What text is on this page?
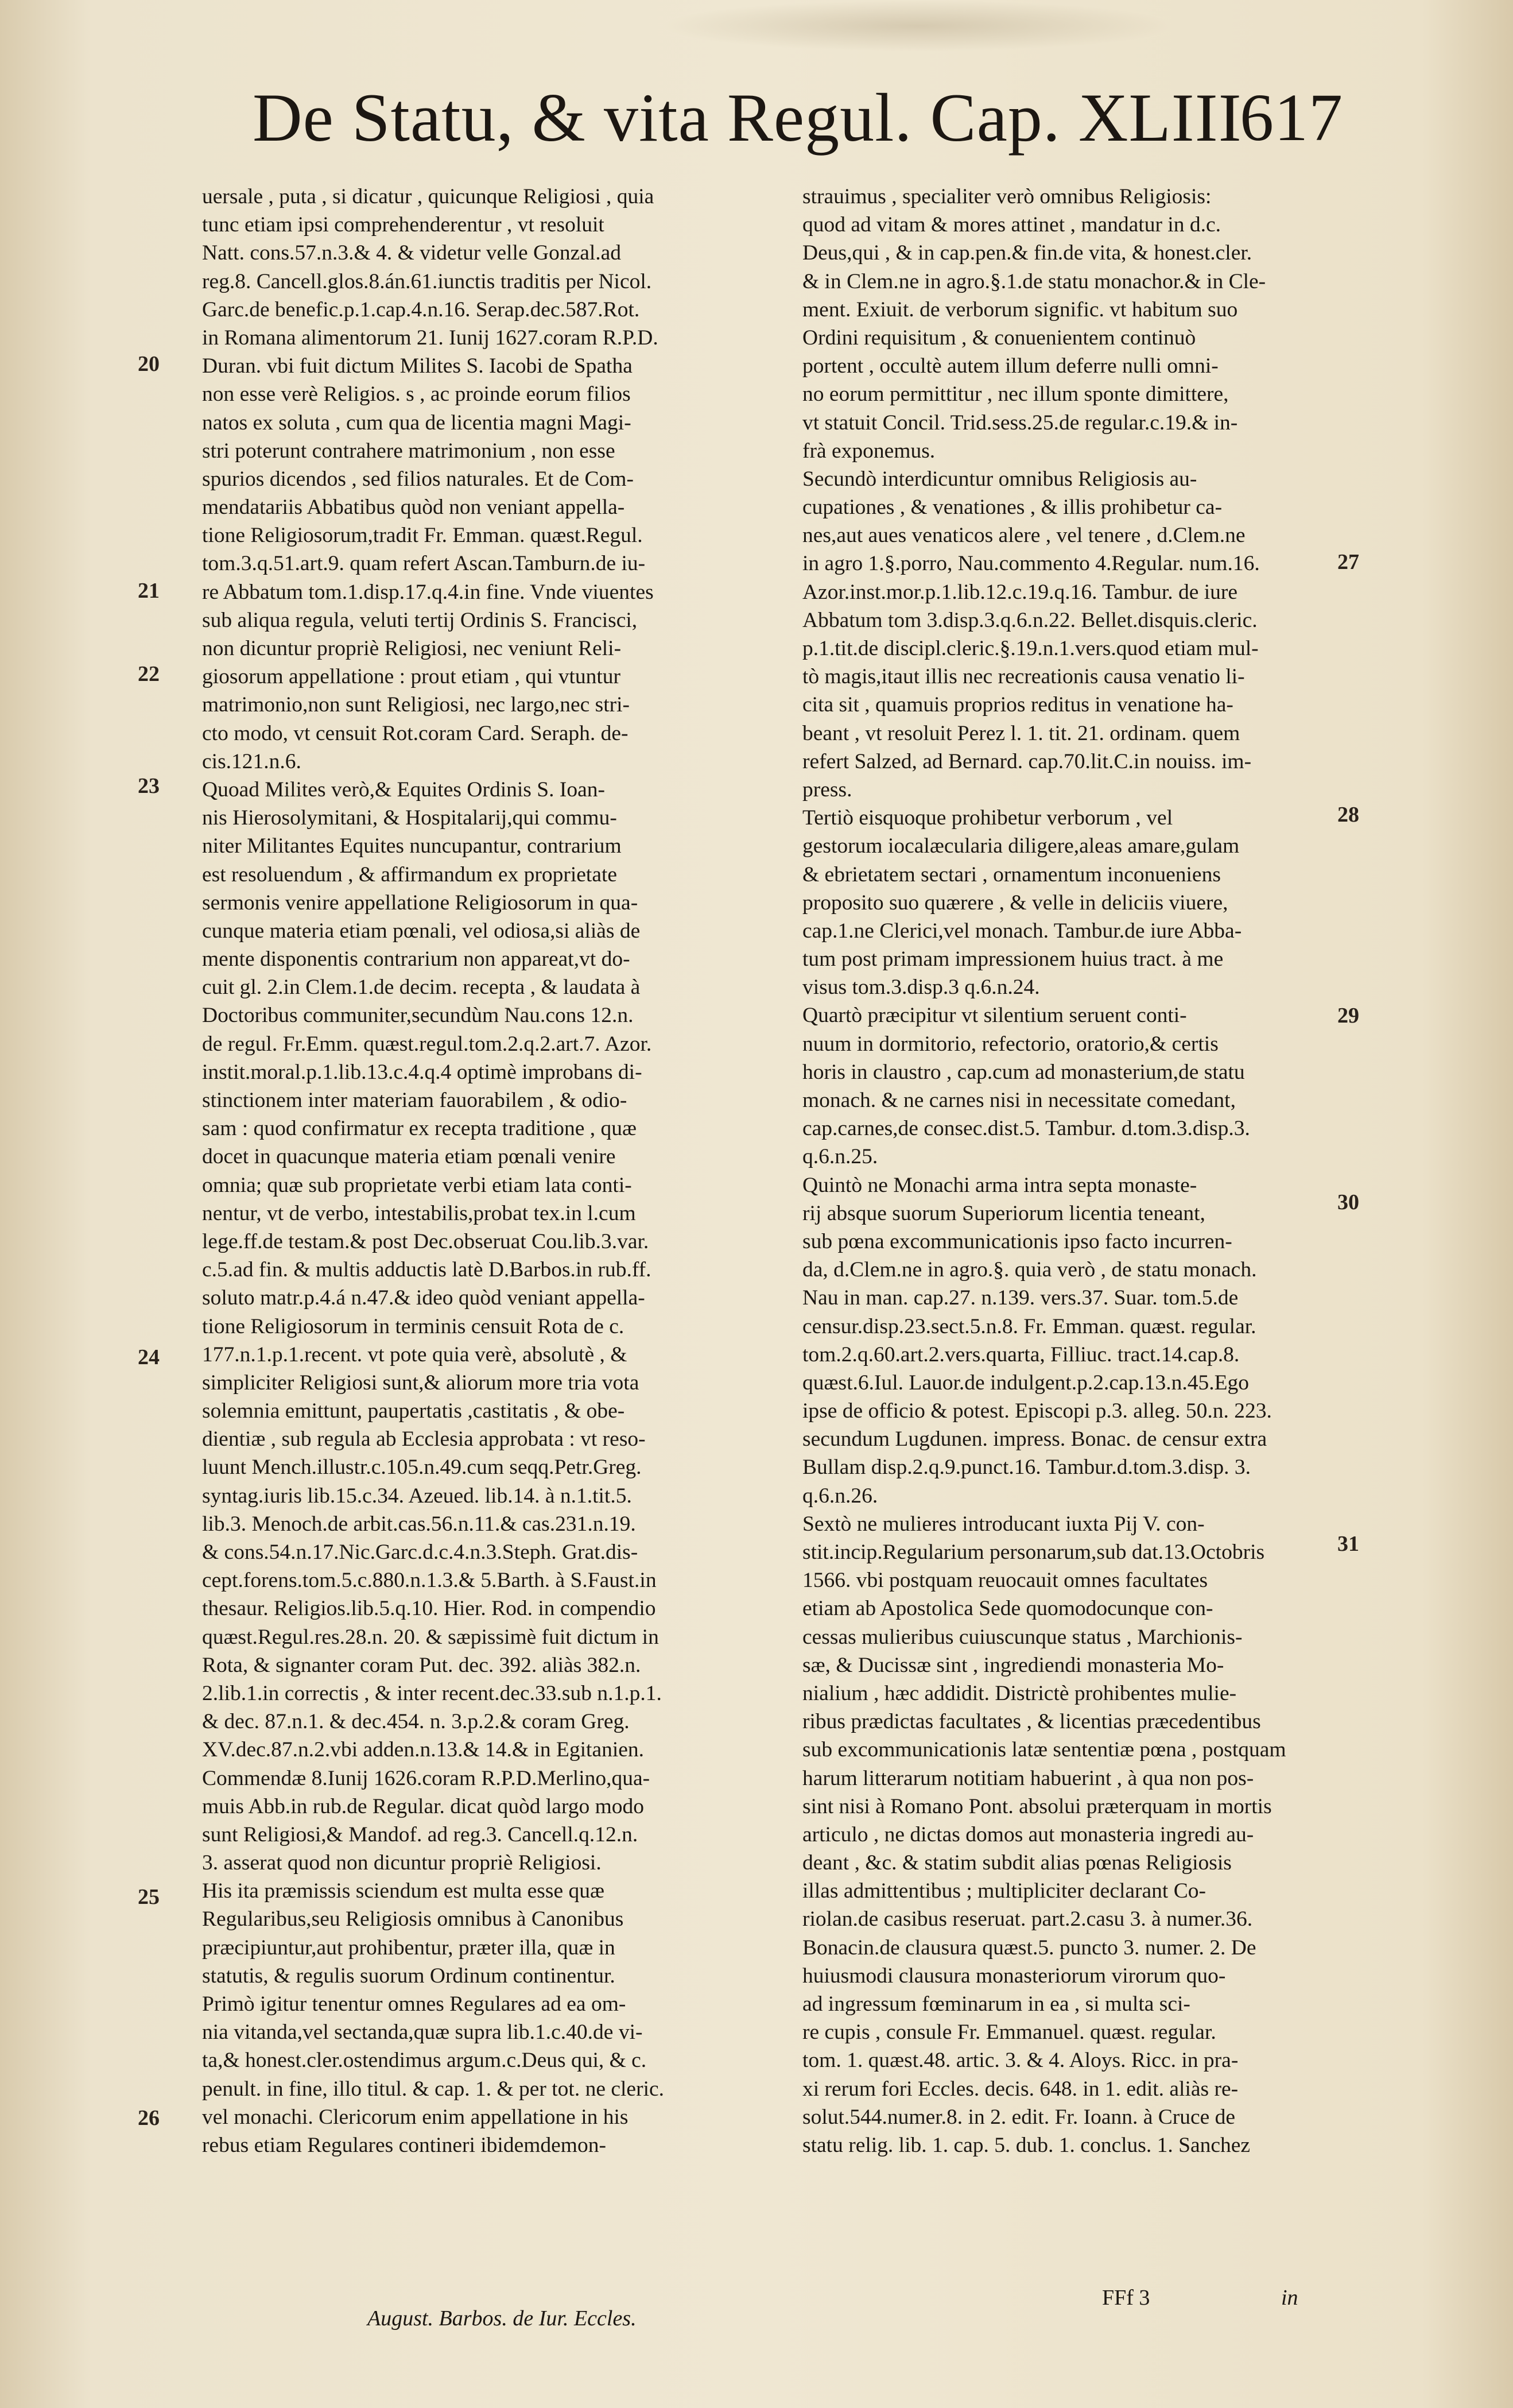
De Statu, & vita Regul. Cap. XLIII
617
uersale , puta , si dicatur , quicunque Religiosi , quia
tunc etiam ipsi comprehenderentur , vt resoluit
Natt. cons.57.n.3.& 4. & videtur velle Gonzal.ad
reg.8. Cancell.glos.8.án.61.iunctis traditis per Nicol.
Garc.de benefic.p.1.cap.4.n.16. Serap.dec.587.Rot.
in Romana alimentorum 21. Iunij 1627.coram R.P.D.
Duran. vbi fuit dictum Milites S. Iacobi de Spatha
non esse verè Religios. s , ac proinde eorum filios
natos ex soluta , cum qua de licentia magni Magi-
stri poterunt contrahere matrimonium , non esse
spurios dicendos , sed filios naturales. Et de Com-
mendatariis Abbatibus quòd non veniant appella-
tione Religiosorum,tradit Fr. Emman. quæst.Regul.
tom.3.q.51.art.9. quam refert Ascan.Tamburn.de iu-
re Abbatum tom.1.disp.17.q.4.in fine. Vnde viuentes
sub aliqua regula, veluti tertij Ordinis S. Francisci,
non dicuntur propriè Religiosi, nec veniunt Reli-
giosorum appellatione : prout etiam , qui vtuntur
matrimonio,non sunt Religiosi, nec largo,nec stri-
cto modo, vt censuit Rot.coram Card. Seraph. de-
cis.121.n.6.
Quoad Milites verò,& Equites Ordinis S. Ioan-
nis Hierosolymitani, & Hospitalarij,qui commu-
niter Militantes Equites nuncupantur, contrarium
est resoluendum , & affirmandum ex proprietate
sermonis venire appellatione Religiosorum in qua-
cunque materia etiam pœnali, vel odiosa,si aliàs de
mente disponentis contrarium non appareat,vt do-
cuit gl. 2.in Clem.1.de decim. recepta , & laudata à
Doctoribus communiter,secundùm Nau.cons 12.n.
de regul. Fr.Emm. quæst.regul.tom.2.q.2.art.7. Azor.
instit.moral.p.1.lib.13.c.4.q.4 optimè improbans di-
stinctionem inter materiam fauorabilem , & odio-
sam : quod confirmatur ex recepta traditione , quæ
docet in quacunque materia etiam pœnali venire
omnia; quæ sub proprietate verbi etiam lata conti-
nentur, vt de verbo, intestabilis,probat tex.in l.cum
lege.ff.de testam.& post Dec.obseruat Cou.lib.3.var.
c.5.ad fin. & multis adductis latè D.Barbos.in rub.ff.
soluto matr.p.4.á n.47.& ideo quòd veniant appella-
tione Religiosorum in terminis censuit Rota de c.
177.n.1.p.1.recent. vt pote quia verè, absolutè , &
simpliciter Religiosi sunt,& aliorum more tria vota
solemnia emittunt, paupertatis ,castitatis , & obe-
dientiæ , sub regula ab Ecclesia approbata : vt reso-
luunt Mench.illustr.c.105.n.49.cum seqq.Petr.Greg.
syntag.iuris lib.15.c.34. Azeued. lib.14. à n.1.tit.5.
lib.3. Menoch.de arbit.cas.56.n.11.& cas.231.n.19.
& cons.54.n.17.Nic.Garc.d.c.4.n.3.Steph. Grat.dis-
cept.forens.tom.5.c.880.n.1.3.& 5.Barth. à S.Faust.in
thesaur. Religios.lib.5.q.10. Hier. Rod. in compendio
quæst.Regul.res.28.n. 20. & sæpissimè fuit dictum in
Rota, & signanter coram Put. dec. 392. aliàs 382.n.
2.lib.1.in correctis , & inter recent.dec.33.sub n.1.p.1.
& dec. 87.n.1. & dec.454. n. 3.p.2.& coram Greg.
XV.dec.87.n.2.vbi adden.n.13.& 14.& in Egitanien.
Commendæ 8.Iunij 1626.coram R.P.D.Merlino,qua-
muis Abb.in rub.de Regular. dicat quòd largo modo
sunt Religiosi,& Mandof. ad reg.3. Cancell.q.12.n.
3. asserat quod non dicuntur propriè Religiosi.
His ita præmissis sciendum est multa esse quæ
Regularibus,seu Religiosis omnibus à Canonibus
præcipiuntur,aut prohibentur, præter illa, quæ in
statutis, & regulis suorum Ordinum continentur.
Primò igitur tenentur omnes Regulares ad ea om-
nia vitanda,vel sectanda,quæ supra lib.1.c.40.de vi-
ta,& honest.cler.ostendimus argum.c.Deus qui, & c.
penult. in fine, illo titul. & cap. 1. & per tot. ne cleric.
vel monachi. Clericorum enim appellatione in his
rebus etiam Regulares contineri ibidemdemon-
strauimus , specialiter verò omnibus Religiosis:
quod ad vitam & mores attinet , mandatur in d.c.
Deus,qui , & in cap.pen.& fin.de vita, & honest.cler.
& in Clem.ne in agro.§.1.de statu monachor.& in Cle-
ment. Exiuit. de verborum signific. vt habitum suo
Ordini requisitum , & conuenientem continuò
portent , occultè autem illum deferre nulli omni-
no eorum permittitur , nec illum sponte dimittere,
vt statuit Concil. Trid.sess.25.de regular.c.19.& in-
frà exponemus.
Secundò interdicuntur omnibus Religiosis au-
cupationes , & venationes , & illis prohibetur ca-
nes,aut aues venaticos alere , vel tenere , d.Clem.ne
in agro 1.§.porro, Nau.commento 4.Regular. num.16.
Azor.inst.mor.p.1.lib.12.c.19.q.16. Tambur. de iure
Abbatum tom 3.disp.3.q.6.n.22. Bellet.disquis.cleric.
p.1.tit.de discipl.cleric.§.19.n.1.vers.quod etiam mul-
tò magis,itaut illis nec recreationis causa venatio li-
cita sit , quamuis proprios reditus in venatione ha-
beant , vt resoluit Perez l. 1. tit. 21. ordinam. quem
refert Salzed, ad Bernard. cap.70.lit.C.in nouiss. im-
press.
Tertiò eisquoque prohibetur verborum , vel
gestorum iocalæcularia diligere,aleas amare,gulam
& ebrietatem sectari , ornamentum inconueniens
proposito suo quærere , & velle in deliciis viuere,
cap.1.ne Clerici,vel monach. Tambur.de iure Abba-
tum post primam impressionem huius tract. à me
visus tom.3.disp.3 q.6.n.24.
Quartò præcipitur vt silentium seruent conti-
nuum in dormitorio, refectorio, oratorio,& certis
horis in claustro , cap.cum ad monasterium,de statu
monach. & ne carnes nisi in necessitate comedant,
cap.carnes,de consec.dist.5. Tambur. d.tom.3.disp.3.
q.6.n.25.
Quintò ne Monachi arma intra septa monaste-
rij absque suorum Superiorum licentia teneant,
sub pœna excommunicationis ipso facto incurren-
da, d.Clem.ne in agro.§. quia verò , de statu monach.
Nau in man. cap.27. n.139. vers.37. Suar. tom.5.de
censur.disp.23.sect.5.n.8. Fr. Emman. quæst. regular.
tom.2.q.60.art.2.vers.quarta, Filliuc. tract.14.cap.8.
quæst.6.Iul. Lauor.de indulgent.p.2.cap.13.n.45.Ego
ipse de officio & potest. Episcopi p.3. alleg. 50.n. 223.
secundum Lugdunen. impress. Bonac. de censur extra
Bullam disp.2.q.9.punct.16. Tambur.d.tom.3.disp. 3.
q.6.n.26.
Sextò ne mulieres introducant iuxta Pij V. con-
stit.incip.Regularium personarum,sub dat.13.Octobris
1566. vbi postquam reuocauit omnes facultates
etiam ab Apostolica Sede quomodocunque con-
cessas mulieribus cuiuscunque status , Marchionis-
sæ, & Ducissæ sint , ingrediendi monasteria Mo-
nialium , hæc addidit. Districtè prohibentes mulie-
ribus prædictas facultates , & licentias præcedentibus
sub excommunicationis latæ sententiæ pœna , postquam
harum litterarum notitiam habuerint , à qua non pos-
sint nisi à Romano Pont. absolui præterquam in mortis
articulo , ne dictas domos aut monasteria ingredi au-
deant , &c. & statim subdit alias pœnas Religiosis
illas admittentibus ; multipliciter declarant Co-
riolan.de casibus reseruat. part.2.casu 3. à numer.36.
Bonacin.de clausura quæst.5. puncto 3. numer. 2. De
huiusmodi clausura monasteriorum virorum quo-
ad ingressum fœminarum in ea , si multa sci-
re cupis , consule Fr. Emmanuel. quæst. regular.
tom. 1. quæst.48. artic. 3. & 4. Aloys. Ricc. in pra-
xi rerum fori Eccles. decis. 648. in 1. edit. aliàs re-
solut.544.numer.8. in 2. edit. Fr. Ioann. à Cruce de
statu relig. lib. 1. cap. 5. dub. 1. conclus. 1. Sanchez
20
21
22
23
24
25
26
27
28
29
30
31
August. Barbos. de Iur. Eccles.
FFf 3	in
